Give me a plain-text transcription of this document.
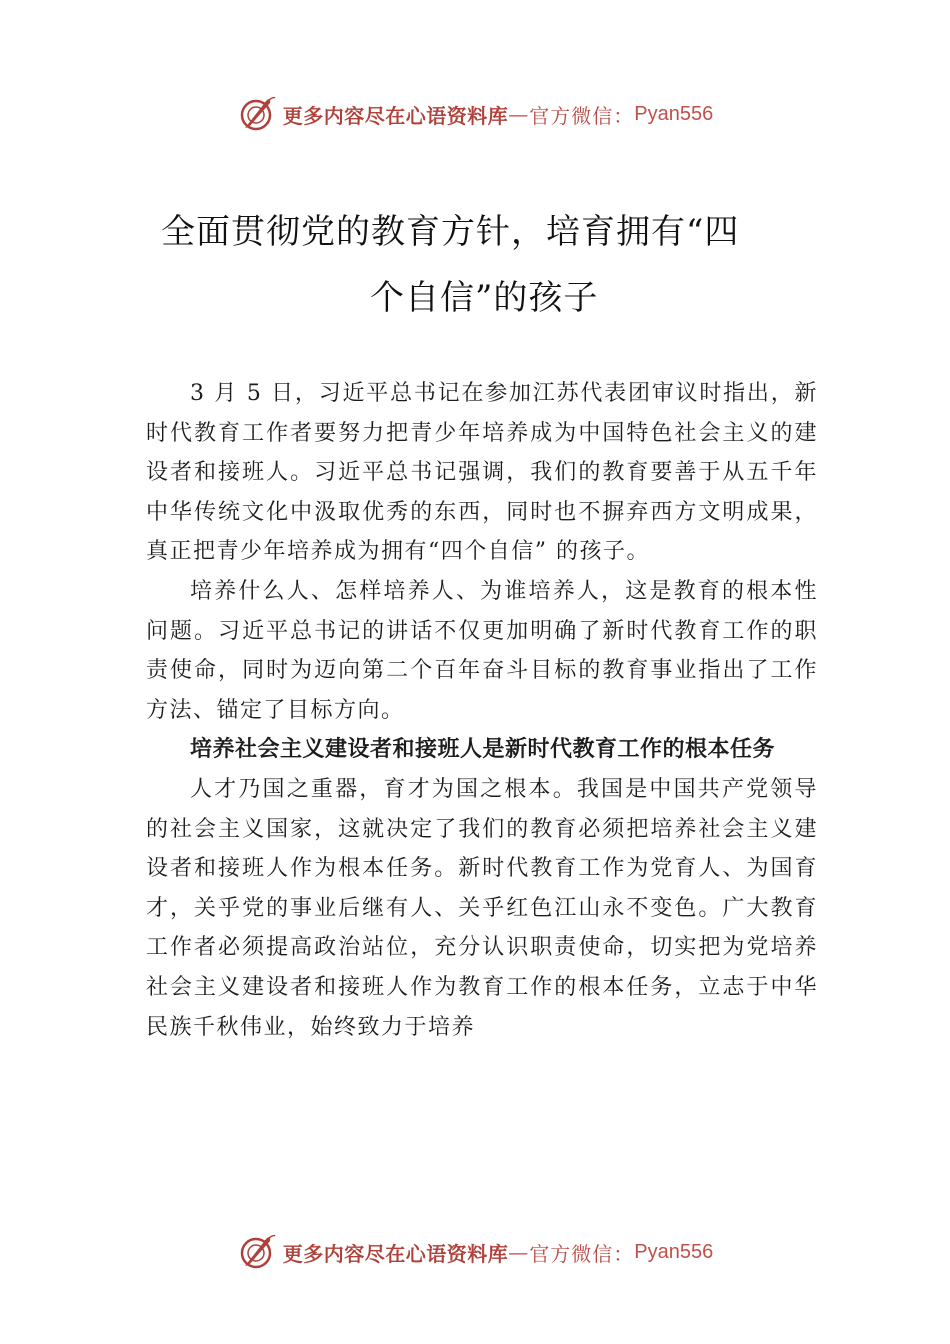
更多内容尽在心语资料库 — 官方微信： Pyan556
全面贯彻党的教育方针，培育拥有“四
个自信”的孩子

3 月 5 日，习近平总书记在参加江苏代表团审议时指出，新时代教育工作者要努力把青少年培养成为中国特色社会主义的建设者和接班人。习近平总书记强调，我们的教育要善于从五千年中华传统文化中汲取优秀的东西，同时也不摒弃西方文明成果，真正把青少年培养成为拥有“四个自信” 的孩子。

培养什么人、怎样培养人、为谁培养人，这是教育的根本性问题。习近平总书记的讲话不仅更加明确了新时代教育工作的职责使命，同时为迈向第二个百年奋斗目标的教育事业指出了工作方法、锚定了目标方向。

培养社会主义建设者和接班人是新时代教育工作的根本任务

人才乃国之重器，育才为国之根本。我国是中国共产党领导的社会主义国家，这就决定了我们的教育必须把培养社会主义建设者和接班人作为根本任务。新时代教育工作为党育人、为国育才，关乎党的事业后继有人、关乎红色江山永不变色。广大教育工作者必须提高政治站位，充分认识职责使命，切实把为党培养社会主义建设者和接班人作为教育工作的根本任务，立志于中华民族千秋伟业，始终致力于培养

更多内容尽在心语资料库 — 官方微信： Pyan556
